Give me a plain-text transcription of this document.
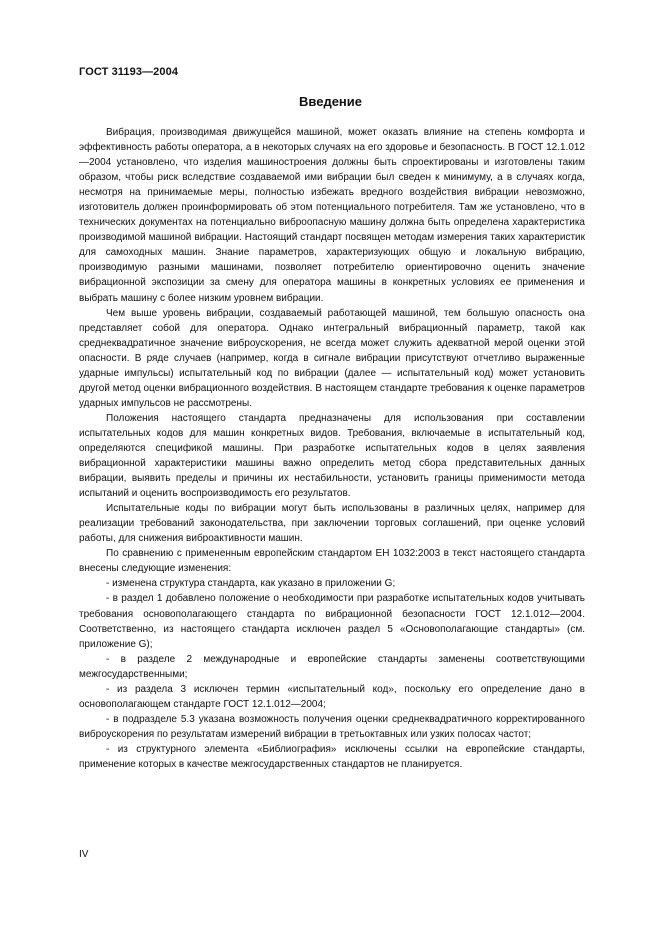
ГОСТ 31193—2004
Введение

Вибрация, производимая движущейся машиной, может оказать влияние на степень комфорта и эффективность работы оператора, а в некоторых случаях на его здоровье и безопасность. В ГОСТ 12.1.012—2004 установлено, что изделия машиностроения должны быть спроектированы и изготовлены таким образом, чтобы риск вследствие создаваемой ими вибрации был сведен к минимуму, а в случаях когда, несмотря на принимаемые меры, полностью избежать вредного воздействия вибрации невозможно, изготовитель должен проинформировать об этом потенциального потребителя. Там же установлено, что в технических документах на потенциально виброопасную машину должна быть определена характеристика производимой машиной вибрации. Настоящий стандарт посвящен методам измерения таких характеристик для самоходных машин. Знание параметров, характеризующих общую и локальную вибрацию, производимую разными машинами, позволяет потребителю ориентировочно оценить значение вибрационной экспозиции за смену для оператора машины в конкретных условиях ее применения и выбрать машину с более низким уровнем вибрации.

Чем выше уровень вибрации, создаваемый работающей машиной, тем большую опасность она представляет собой для оператора. Однако интегральный вибрационный параметр, такой как среднеквадратичное значение виброускорения, не всегда может служить адекватной мерой оценки этой опасности. В ряде случаев (например, когда в сигнале вибрации присутствуют отчетливо выраженные ударные импульсы) испытательный код по вибрации (далее — испытательный код) может установить другой метод оценки вибрационного воздействия. В настоящем стандарте требования к оценке параметров ударных импульсов не рассмотрены.

Положения настоящего стандарта предназначены для использования при составлении испытательных кодов для машин конкретных видов. Требования, включаемые в испытательный код, определяются спецификой машины. При разработке испытательных кодов в целях заявления вибрационной характеристики машины важно определить метод сбора представительных данных вибрации, выявить пределы и причины их нестабильности, установить границы применимости метода испытаний и оценить воспроизводимость его результатов.

Испытательные коды по вибрации могут быть использованы в различных целях, например для реализации требований законодательства, при заключении торговых соглашений, при оценке условий работы, для снижения виброактивности машин.

По сравнению с примененным европейским стандартом ЕН 1032:2003 в текст настоящего стандарта внесены следующие изменения:

- изменена структура стандарта, как указано в приложении G;

- в раздел 1 добавлено положение о необходимости при разработке испытательных кодов учитывать требования основополагающего стандарта по вибрационной безопасности ГОСТ 12.1.012—2004. Соответственно, из настоящего стандарта исключен раздел 5 «Основополагающие стандарты» (см. приложение G);

- в разделе 2 международные и европейские стандарты заменены соответствующими межгосударственными;

- из раздела 3 исключен термин «испытательный код», поскольку его определение дано в основополагающем стандарте ГОСТ 12.1.012—2004;

- в подразделе 5.3 указана возможность получения оценки среднеквадратичного корректированного виброускорения по результатам измерений вибрации в третьоктавных или узких полосах частот;

- из структурного элемента «Библиография» исключены ссылки на европейские стандарты, применение которых в качестве межгосударственных стандартов не планируется.

IV
